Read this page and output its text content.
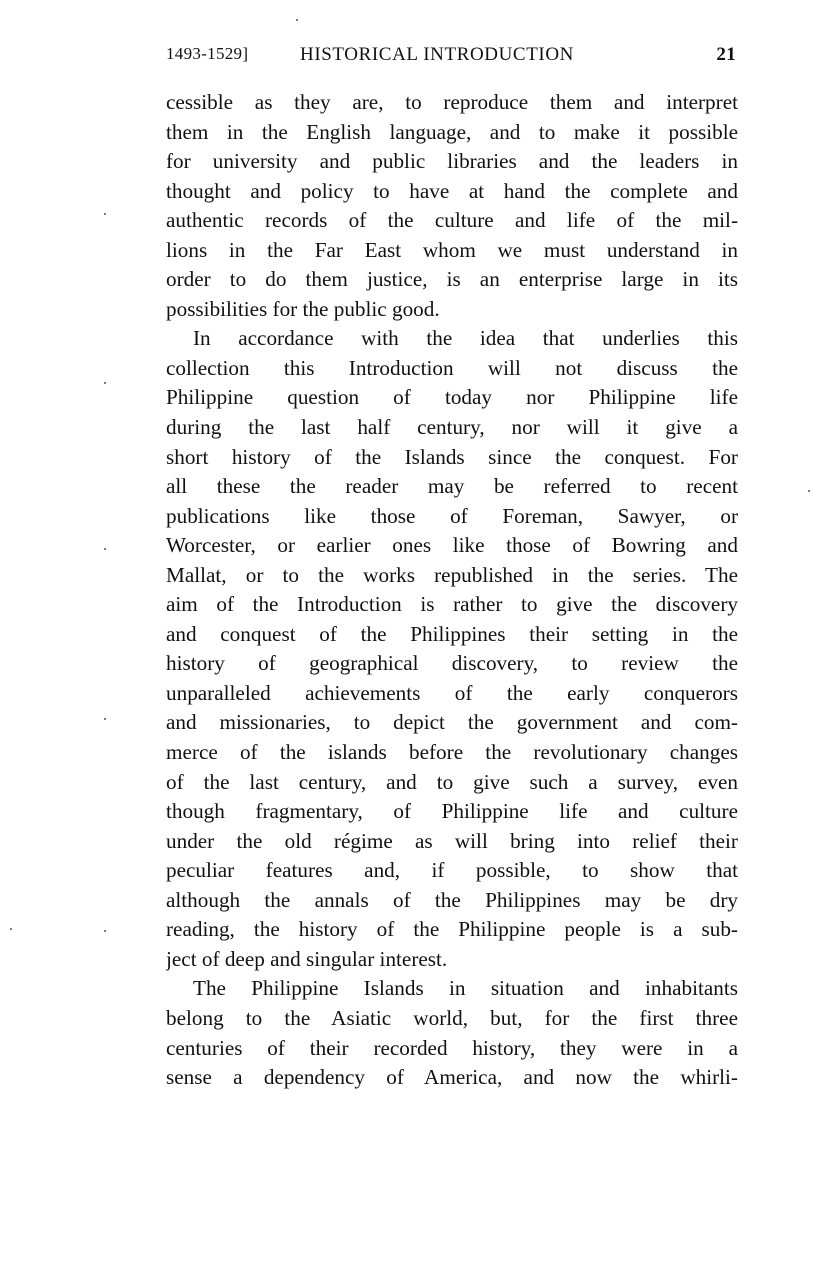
1493-1529]	HISTORICAL INTRODUCTION	21
cessible as they are, to reproduce them and interpret
them in the English language, and to make it possible
for university and public libraries and the leaders in
thought and policy to have at hand the complete and
authentic records of the culture and life of the mil-
lions in the Far East whom we must understand in
order to do them justice, is an enterprise large in its
possibilities for the public good.
In accordance with the idea that underlies this
collection this Introduction will not discuss the
Philippine question of today nor Philippine life
during the last half century, nor will it give a
short history of the Islands since the conquest. For
all these the reader may be referred to recent
publications like those of Foreman, Sawyer, or
Worcester, or earlier ones like those of Bowring and
Mallat, or to the works republished in the series. The
aim of the Introduction is rather to give the discovery
and conquest of the Philippines their setting in the
history of geographical discovery, to review the
unparalleled achievements of the early conquerors
and missionaries, to depict the government and com-
merce of the islands before the revolutionary changes
of the last century, and to give such a survey, even
though fragmentary, of Philippine life and culture
under the old régime as will bring into relief their
peculiar features and, if possible, to show that
although the annals of the Philippines may be dry
reading, the history of the Philippine people is a sub-
ject of deep and singular interest.
The Philippine Islands in situation and inhabitants
belong to the Asiatic world, but, for the first three
centuries of their recorded history, they were in a
sense a dependency of America, and now the whirli-
